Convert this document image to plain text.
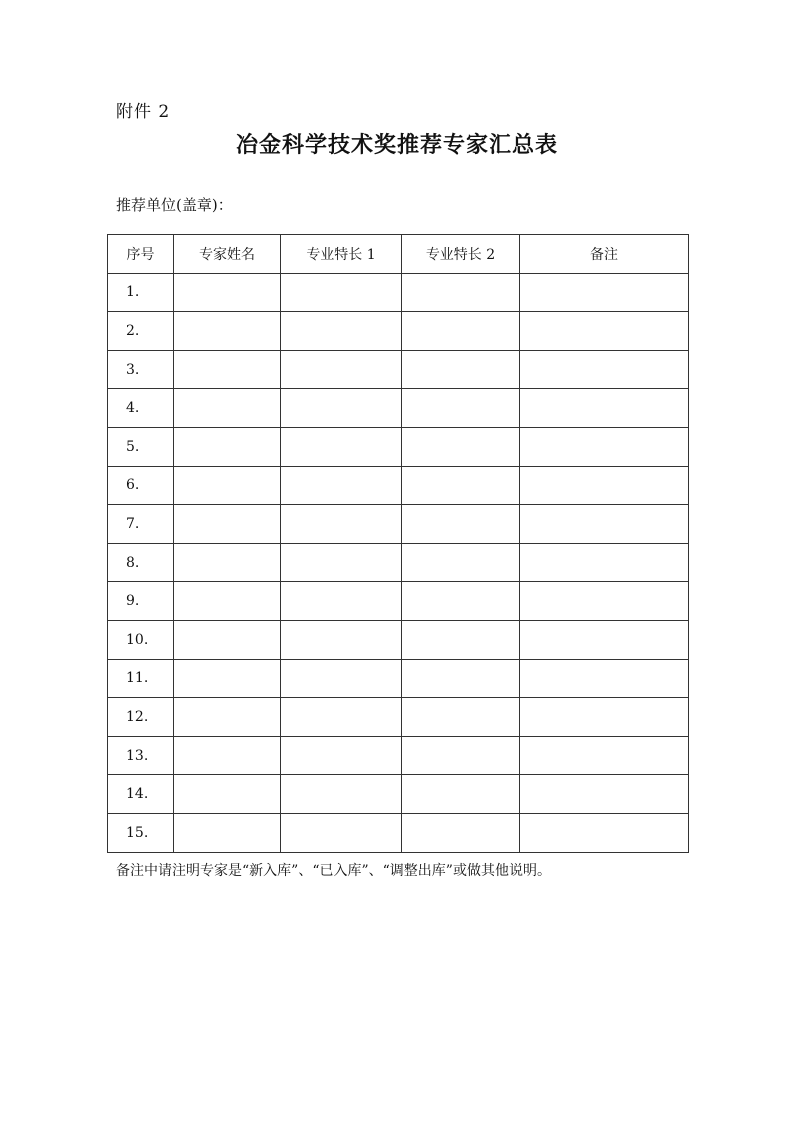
附件 2
冶金科学技术奖推荐专家汇总表
推荐单位(盖章)：
序号	专家姓名	专业特长 1	专业特长 2	备注
1.				
2.				
3.				
4.				
5.				
6.				
7.				
8.				
9.				
10.				
11.				
12.				
13.				
14.				
15.				
备注中请注明专家是“新入库”、“已入库”、“调整出库”或做其他说明。
